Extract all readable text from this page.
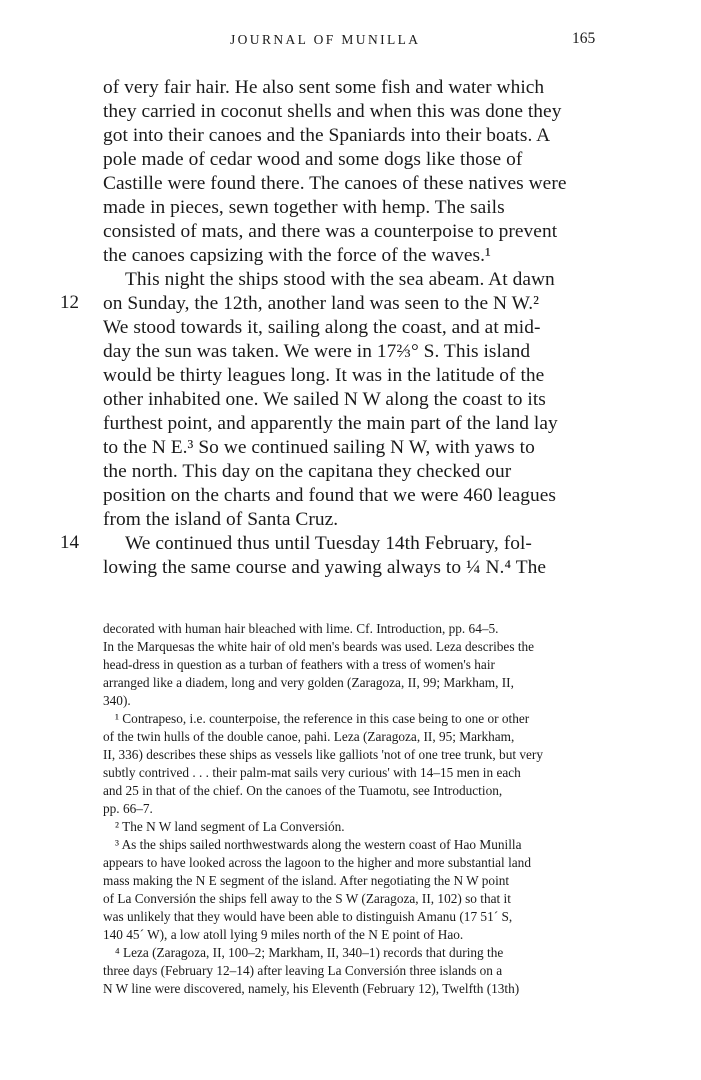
JOURNAL OF MUNILLA	165
of very fair hair. He also sent some fish and water which
they carried in coconut shells and when this was done they
got into their canoes and the Spaniards into their boats. A
pole made of cedar wood and some dogs like those of
Castille were found there. The canoes of these natives were
made in pieces, sewn together with hemp. The sails
consisted of mats, and there was a counterpoise to prevent
the canoes capsizing with the force of the waves.¹
This night the ships stood with the sea abeam. At dawn
on Sunday, the 12th, another land was seen to the N W.²
We stood towards it, sailing along the coast, and at mid-
day the sun was taken. We were in 17⅔° S. This island
would be thirty leagues long. It was in the latitude of the
other inhabited one. We sailed N W along the coast to its
furthest point, and apparently the main part of the land lay
to the N E.³ So we continued sailing N W, with yaws to
the north. This day on the capitana they checked our
position on the charts and found that we were 460 leagues
from the island of Santa Cruz.
We continued thus until Tuesday 14th February, fol-
lowing the same course and yawing always to ¼ N.⁴ The
12
14
decorated with human hair bleached with lime. Cf. Introduction, pp. 64–5.
In the Marquesas the white hair of old men's beards was used. Leza describes the
head-dress in question as a turban of feathers with a tress of women's hair
arranged like a diadem, long and very golden (Zaragoza, II, 99; Markham, II,
340).
¹ Contrapeso, i.e. counterpoise, the reference in this case being to one or other
of the twin hulls of the double canoe, pahi. Leza (Zaragoza, II, 95; Markham,
II, 336) describes these ships as vessels like galliots 'not of one tree trunk, but very
subtly contrived . . . their palm-mat sails very curious' with 14–15 men in each
and 25 in that of the chief. On the canoes of the Tuamotu, see Introduction,
pp. 66–7.
² The N W land segment of La Conversión.
³ As the ships sailed northwestwards along the western coast of Hao Munilla
appears to have looked across the lagoon to the higher and more substantial land
mass making the N E segment of the island. After negotiating the N W point
of La Conversión the ships fell away to the S W (Zaragoza, II, 102) so that it
was unlikely that they would have been able to distinguish Amanu (17 51´ S,
140 45´ W), a low atoll lying 9 miles north of the N E point of Hao.
⁴ Leza (Zaragoza, II, 100–2; Markham, II, 340–1) records that during the
three days (February 12–14) after leaving La Conversión three islands on a
N W line were discovered, namely, his Eleventh (February 12), Twelfth (13th)
